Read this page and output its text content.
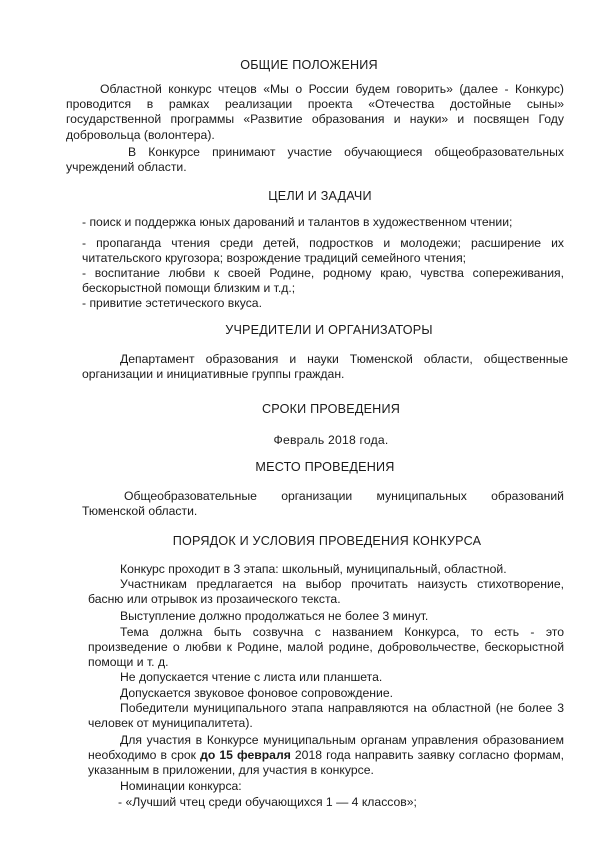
ОБЩИЕ ПОЛОЖЕНИЯ

Областной конкурс чтецов «Мы о России будем говорить» (далее - Конкурс) проводится в рамках реализации проекта «Отечества достойные сыны» государственной программы «Развитие образования и науки» и посвящен Году добровольца (волонтера).

В Конкурсе принимают участие обучающиеся общеобразовательных учреждений области.

ЦЕЛИ И ЗАДАЧИ

- поиск и поддержка юных дарований и талантов в художественном чтении;

- пропаганда чтения среди детей, подростков и молодежи; расширение их читательского кругозора; возрождение традиций семейного чтения;

- воспитание любви к своей Родине, родному краю, чувства сопереживания, бескорыстной помощи близким и т.д.;

- привитие эстетического вкуса.

УЧРЕДИТЕЛИ И ОРГАНИЗАТОРЫ

Департамент образования и науки Тюменской области, общественные организации и инициативные группы граждан.

СРОКИ ПРОВЕДЕНИЯ
Февраль 2018 года.
МЕСТО ПРОВЕДЕНИЯ

Общеобразовательные организации муниципальных образований Тюменской области.

ПОРЯДОК И УСЛОВИЯ ПРОВЕДЕНИЯ КОНКУРСА

Конкурс проходит в 3 этапа: школьный, муниципальный, областной.

Участникам предлагается на выбор прочитать наизусть стихотворение, басню или отрывок из прозаического текста.

Выступление должно продолжаться не более 3 минут.

Тема должна быть созвучна с названием Конкурса, то есть - это произведение о любви к Родине, малой родине, добровольчестве, бескорыстной помощи и т. д.

Не допускается чтение с листа или планшета.

Допускается звуковое фоновое сопровождение.

Победители муниципального этапа направляются на областной (не более 3 человек от муниципалитета).

Для участия в Конкурсе муниципальным органам управления образованием необходимо в срок до 15 февраля 2018 года направить заявку согласно формам, указанным в приложении, для участия в конкурсе.

Номинации конкурса:

- «Лучший чтец среди обучающихся 1 — 4 классов»;
